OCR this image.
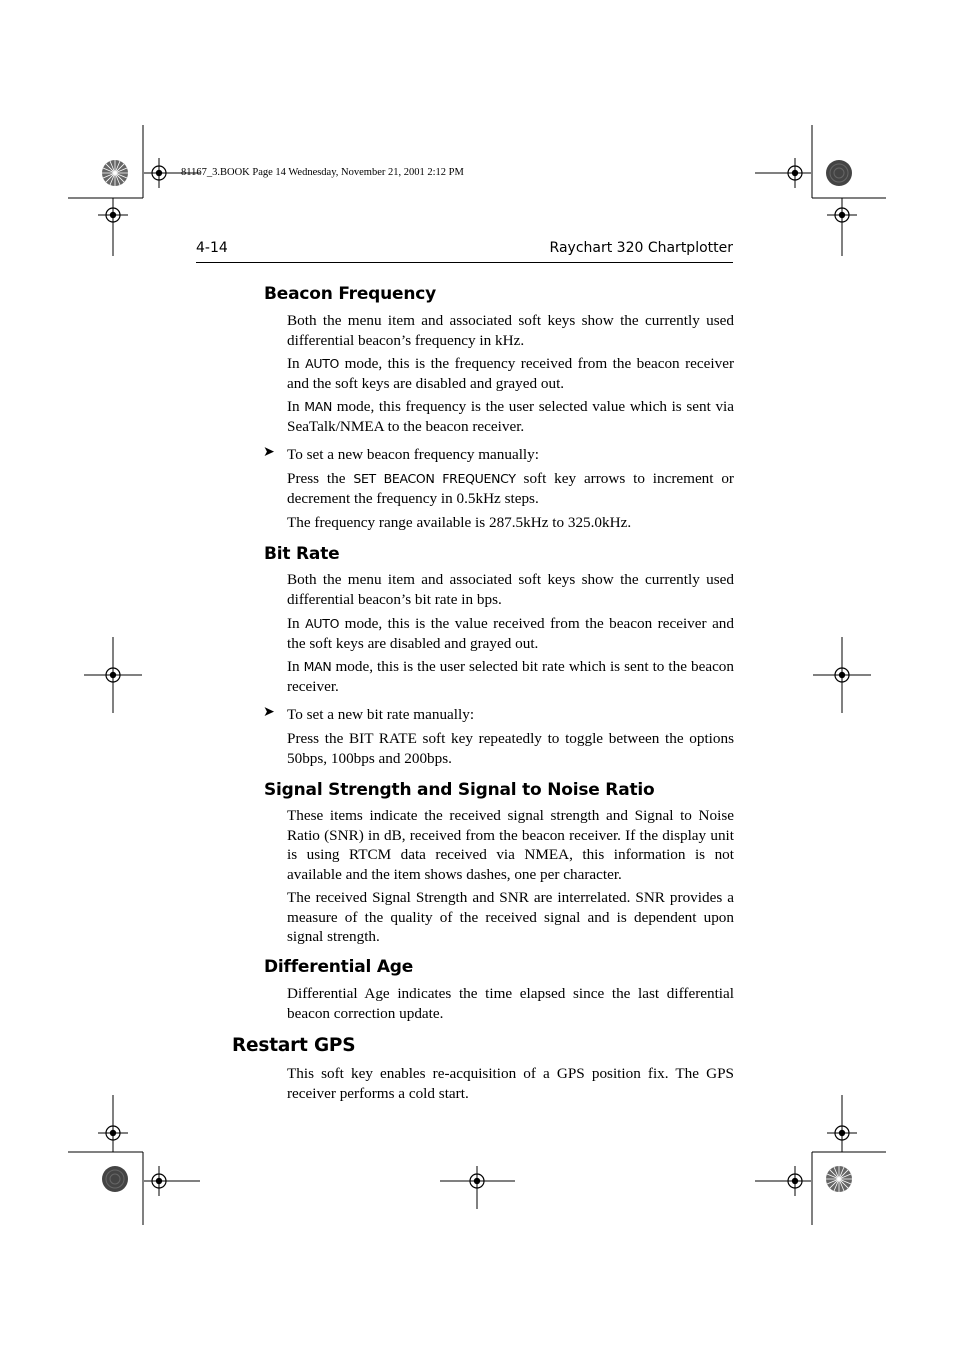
81167_3.BOOK Page 14 Wednesday, November 21, 2001 2:12 PM
4-14	Raychart 320 Chartplotter
Beacon Frequency

Both the menu item and associated soft keys show the currently used differential beacon’s frequency in kHz.

In AUTO mode, this is the frequency received from the beacon receiver and the soft keys are disabled and grayed out.

In MAN mode, this frequency is the user selected value which is sent via SeaTalk/NMEA to the beacon receiver.

➤ To set a new beacon frequency manually:

Press the SET BEACON FREQUENCY soft key arrows to increment or decrement the frequency in 0.5kHz steps.

The frequency range available is 287.5kHz to 325.0kHz.

Bit Rate

Both the menu item and associated soft keys show the currently used differential beacon’s bit rate in bps.

In AUTO mode, this is the value received from the beacon receiver and the soft keys are disabled and grayed out.

In MAN mode, this is the user selected bit rate which is sent to the beacon receiver.

➤ To set a new bit rate manually:

Press the BIT RATE soft key repeatedly to toggle between the options 50bps, 100bps and 200bps.

Signal Strength and Signal to Noise Ratio

These items indicate the received signal strength and Signal to Noise Ratio (SNR) in dB, received from the beacon receiver. If the display unit is using RTCM data received via NMEA, this information is not available and the item shows dashes, one per character.

The received Signal Strength and SNR are interrelated. SNR provides a measure of the quality of the received signal and is dependent upon signal strength.

Differential Age

Differential Age indicates the time elapsed since the last differential beacon correction update.

Restart GPS

This soft key enables re-acquisition of a GPS position fix. The GPS receiver performs a cold start.
